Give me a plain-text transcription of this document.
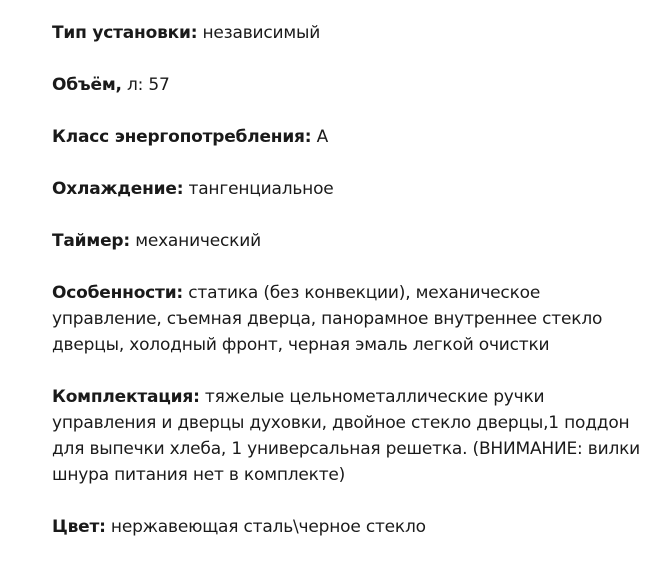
Тип установки: независимый

Объём, л: 57

Класс энергопотребления: А

Охлаждение: тангенциальное

Таймер: механический

Особенности: статика (без конвекции), механическое управление, съемная дверца, панорамное внутреннее стекло дверцы, холодный фронт, черная эмаль легкой очистки

Комплектация: тяжелые цельнометаллические ручки управления и дверцы духовки, двойное стекло дверцы,1 поддон для выпечки хлеба, 1 универсальная решетка. (ВНИМАНИЕ: вилки шнура питания нет в комплекте)

Цвет: нержавеющая сталь\черное стекло
